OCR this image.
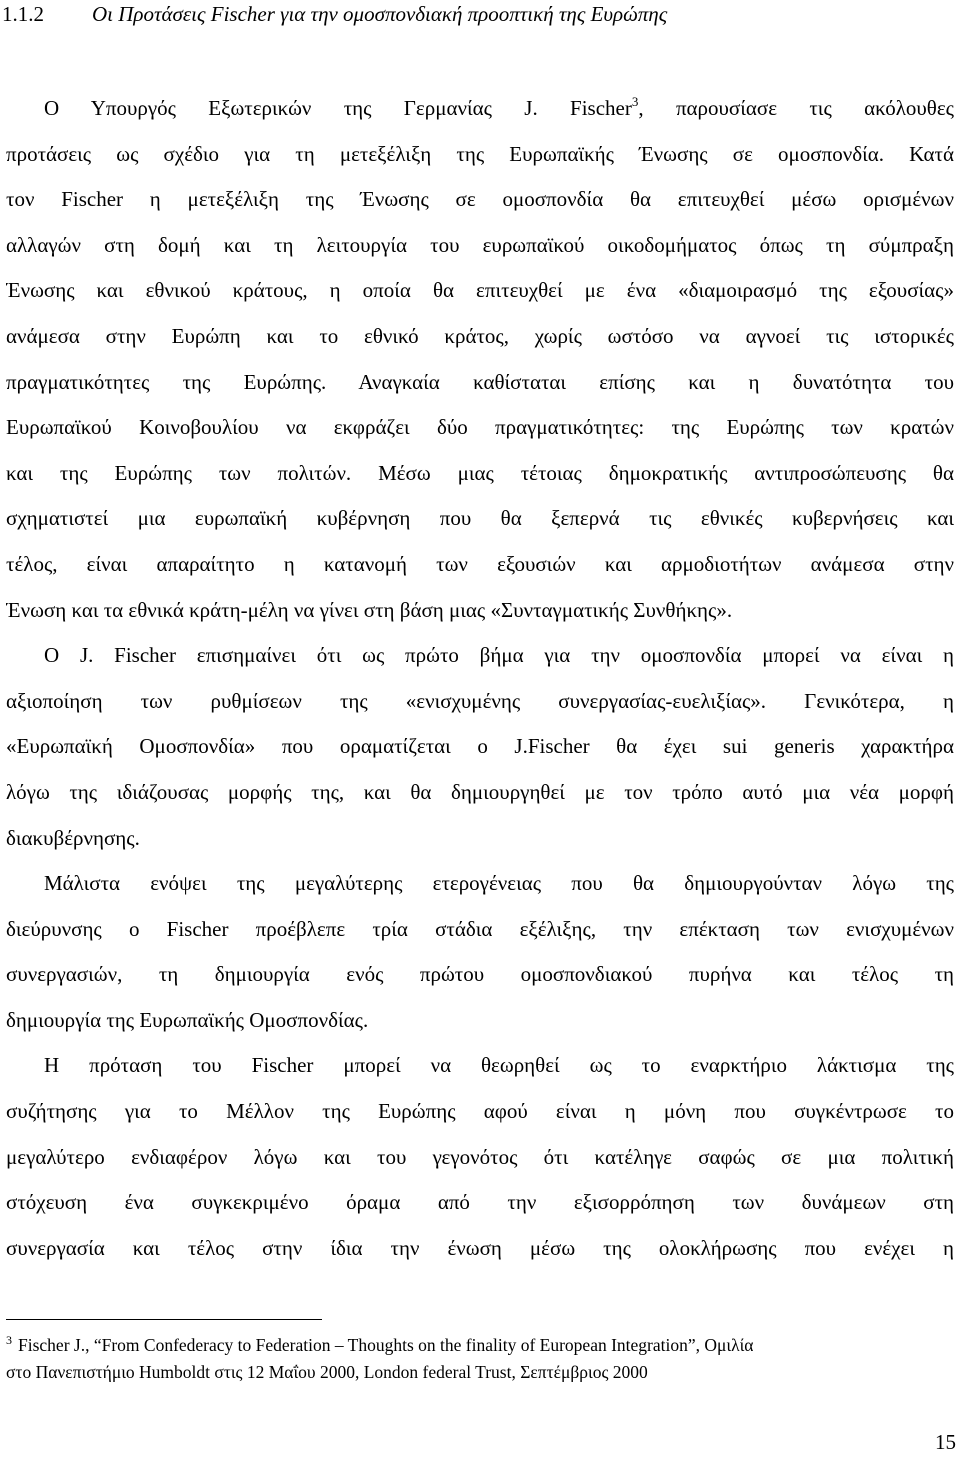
1.1.2 Οι Προτάσεις Fischer για την ομοσπονδιακή προοπτική της Ευρώπης
Ο Υπουργός Εξωτερικών της Γερμανίας J. Fischer$^3$, παρουσίασε τις ακόλουθες
προτάσεις ως σχέδιο για τη μετεξέλιξη της Ευρωπαϊκής Ένωσης σε ομοσπονδία. Κατά
τον Fischer η μετεξέλιξη της Ένωσης σε ομοσπονδία θα επιτευχθεί μέσω ορισμένων
αλλαγών στη δομή και τη λειτουργία του ευρωπαϊκού οικοδομήματος όπως τη σύμπραξη
Ένωσης και εθνικού κράτους, η οποία θα επιτευχθεί με ένα «διαμοιρασμό της εξουσίας»
ανάμεσα στην Ευρώπη και το εθνικό κράτος, χωρίς ωστόσο να αγνοεί τις ιστορικές
πραγματικότητες της Ευρώπης. Αναγκαία καθίσταται επίσης και η δυνατότητα του
Ευρωπαϊκού Κοινοβουλίου να εκφράζει δύο πραγματικότητες: της Ευρώπης των κρατών
και της Ευρώπης των πολιτών. Μέσω μιας τέτοιας δημοκρατικής αντιπροσώπευσης θα
σχηματιστεί μια ευρωπαϊκή κυβέρνηση που θα ξεπερνά τις εθνικές κυβερνήσεις και
τέλος, είναι απαραίτητο η κατανομή των εξουσιών και αρμοδιοτήτων ανάμεσα στην
Ένωση και τα εθνικά κράτη-μέλη να γίνει στη βάση μιας «Συνταγματικής Συνθήκης».
Ο J. Fischer επισημαίνει ότι ως πρώτο βήμα για την ομοσπονδία μπορεί να είναι η
αξιοποίηση των ρυθμίσεων της «ενισχυμένης συνεργασίας-ευελιξίας». Γενικότερα, η
«Ευρωπαϊκή Ομοσπονδία» που οραματίζεται ο J.Fischer θα έχει sui generis χαρακτήρα
λόγω της ιδιάζουσας μορφής της, και θα δημιουργηθεί με τον τρόπο αυτό μια νέα μορφή
διακυβέρνησης.
Μάλιστα ενόψει της μεγαλύτερης ετερογένειας που θα δημιουργούνταν λόγω της
διεύρυνσης ο Fischer προέβλεπε τρία στάδια εξέλιξης, την επέκταση των ενισχυμένων
συνεργασιών, τη δημιουργία ενός πρώτου ομοσπονδιακού πυρήνα και τέλος τη
δημιουργία της Ευρωπαϊκής Ομοσπονδίας.
Η πρόταση του Fischer μπορεί να θεωρηθεί ως το εναρκτήριο λάκτισμα της
συζήτησης για το Μέλλον της Ευρώπης αφού είναι η μόνη που συγκέντρωσε το
μεγαλύτερο ενδιαφέρον λόγω και του γεγονότος ότι κατέληγε σαφώς σε μια πολιτική
στόχευση ένα συγκεκριμένο όραμα από την εξισορρόπηση των δυνάμεων στη
συνεργασία και τέλος στην ίδια την ένωση μέσω της ολοκλήρωσης που ενέχει η
$^3$ Fischer J., “From Confederacy to Federation – Thoughts on the finality of European Integration”, Ομιλία
στο Πανεπιστήμιο Humboldt στις 12 Μαΐου 2000, London federal Trust, Σεπτέμβριος 2000
15
